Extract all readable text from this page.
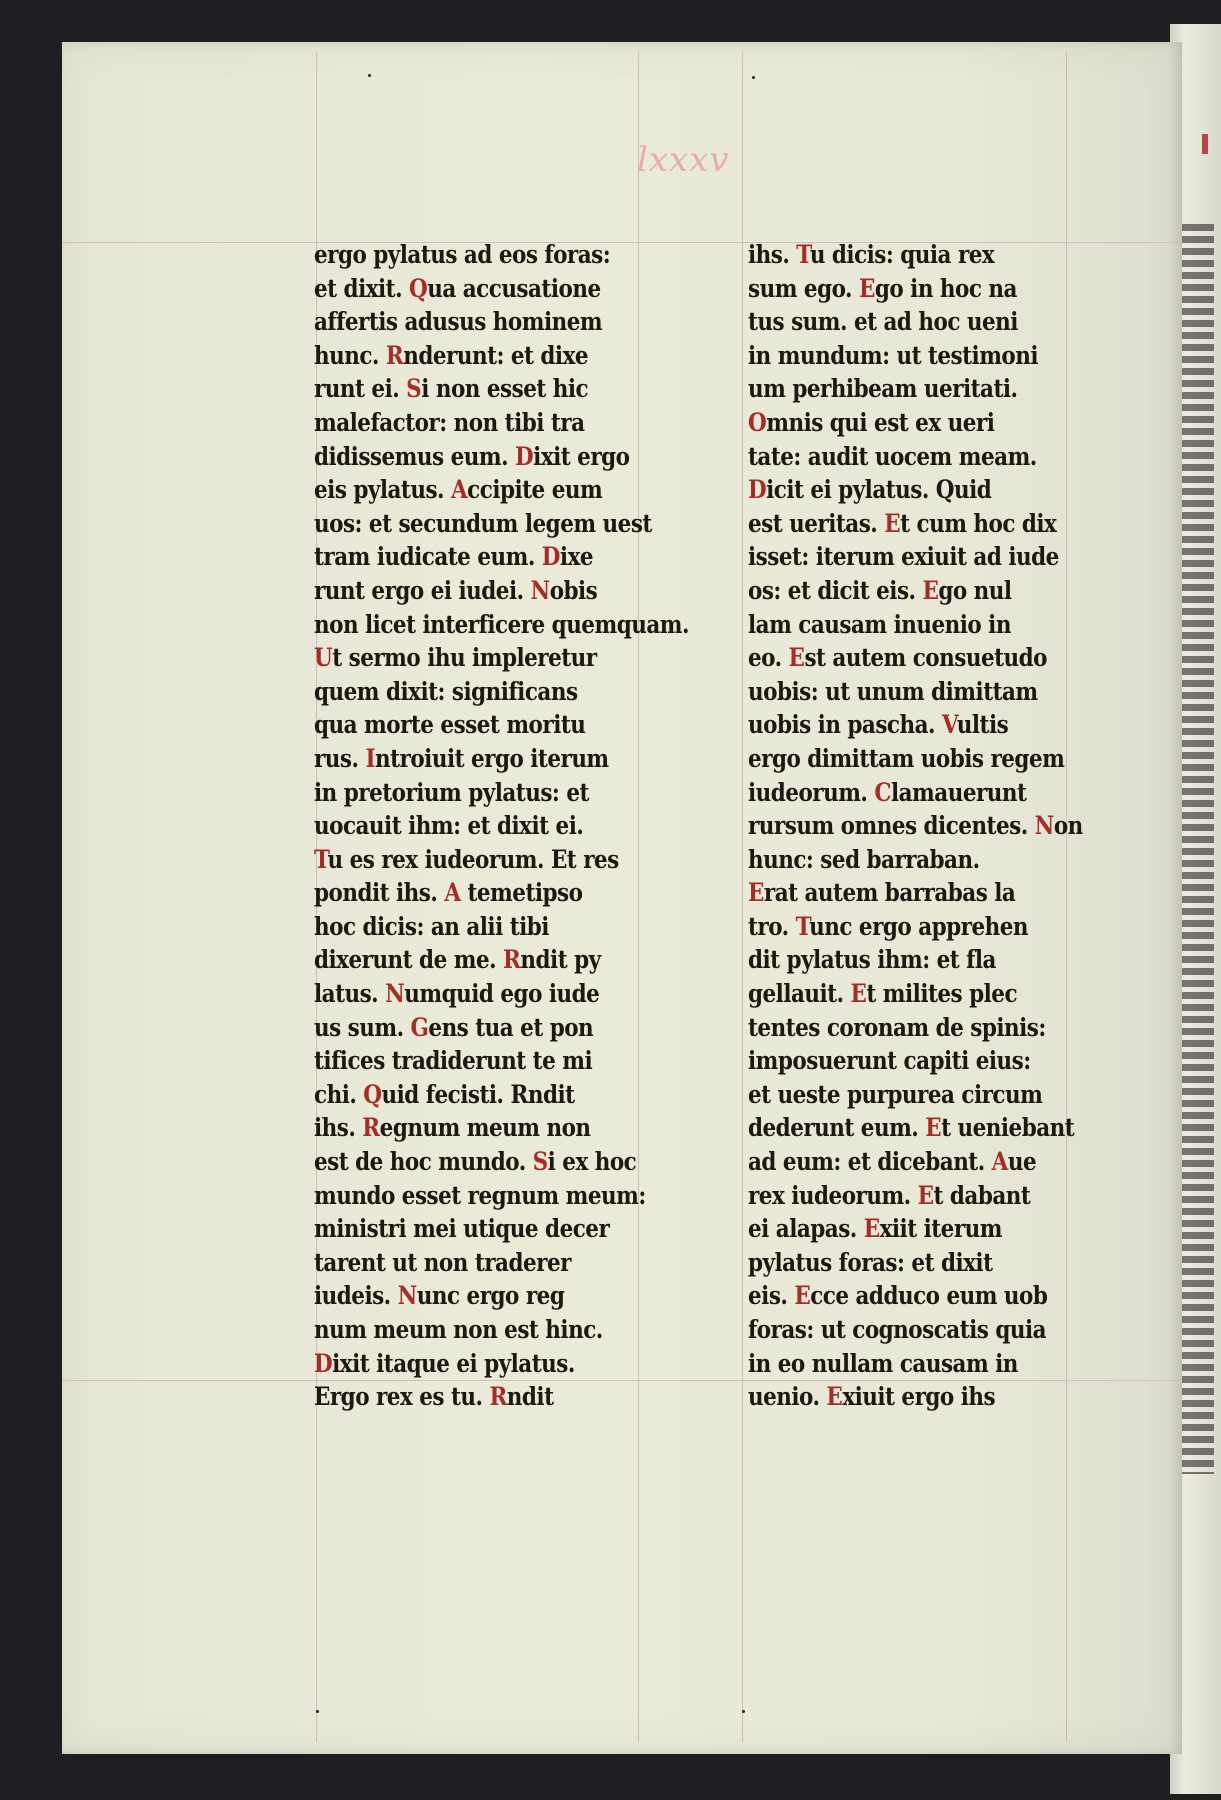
lxxxv
ergo pylatus ad eos foras:
et dixit. Qua accusatione
affertis adusus hominem
hunc. Rnderunt: et dixe
runt ei. Si non esset hic
malefactor: non tibi tra
didissemus eum. Dixit ergo
eis pylatus. Accipite eum
uos: et secundum legem uest
tram iudicate eum. Dixe
runt ergo ei iudei. Nobis
non licet interficere quemquam.
Ut sermo ihu impleretur
quem dixit: significans
qua morte esset moritu
rus. Introiuit ergo iterum
in pretorium pylatus: et
uocauit ihm: et dixit ei.
Tu es rex iudeorum. Et res
pondit ihs. A temetipso
hoc dicis: an alii tibi
dixerunt de me. Rndit py
latus. Numquid ego iude
us sum. Gens tua et pon
tifices tradiderunt te mi
chi. Quid fecisti. Rndit
ihs. Regnum meum non
est de hoc mundo. Si ex hoc
mundo esset regnum meum:
ministri mei utique decer
tarent ut non traderer
iudeis. Nunc ergo reg
num meum non est hinc.
Dixit itaque ei pylatus.
Ergo rex es tu. Rndit
ihs. Tu dicis: quia rex
sum ego. Ego in hoc na
tus sum. et ad hoc ueni
in mundum: ut testimoni
um perhibeam ueritati.
Omnis qui est ex ueri
tate: audit uocem meam.
Dicit ei pylatus. Quid
est ueritas. Et cum hoc dix
isset: iterum exiuit ad iude
os: et dicit eis. Ego nul
lam causam inuenio in
eo. Est autem consuetudo
uobis: ut unum dimittam
uobis in pascha. Vultis
ergo dimittam uobis regem
iudeorum. Clamauerunt
rursum omnes dicentes. Non
hunc: sed barraban.
Erat autem barrabas la
tro. Tunc ergo apprehen
dit pylatus ihm: et fla
gellauit. Et milites plec
tentes coronam de spinis:
imposuerunt capiti eius:
et ueste purpurea circum
dederunt eum. Et ueniebant
ad eum: et dicebant. Aue
rex iudeorum. Et dabant
ei alapas. Exiit iterum
pylatus foras: et dixit
eis. Ecce adduco eum uob
foras: ut cognoscatis quia
in eo nullam causam in
uenio. Exiuit ergo ihs
